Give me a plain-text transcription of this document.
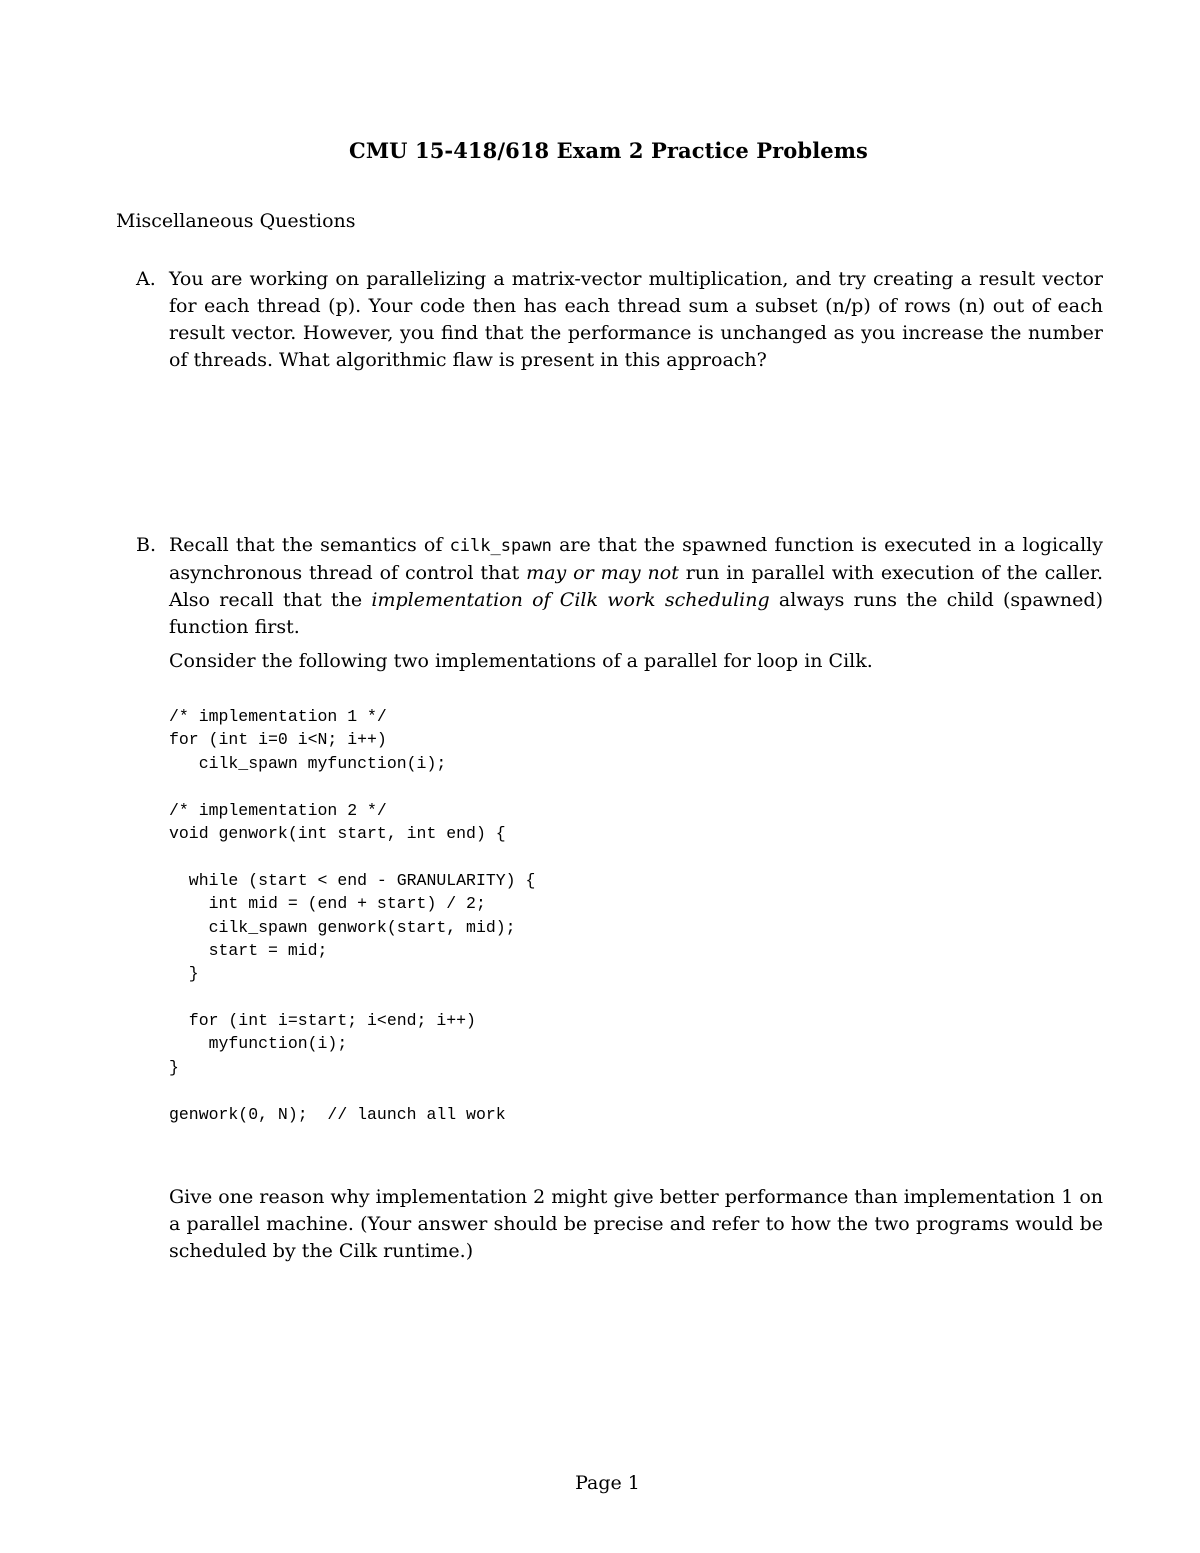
CMU 15-418/618 Exam 2 Practice Problems
Miscellaneous Questions
A. You are working on parallelizing a matrix-vector multiplication, and try creating a result vector for each thread (p). Your code then has each thread sum a subset (n/p) of rows (n) out of each result vector. However, you find that the performance is unchanged as you increase the number of threads. What algorithmic flaw is present in this approach?
B. Recall that the semantics of cilk_spawn are that the spawned function is executed in a logically asynchronous thread of control that may or may not run in parallel with execution of the caller. Also recall that the implementation of Cilk work scheduling always runs the child (spawned) function first.
Consider the following two implementations of a parallel for loop in Cilk.
/* implementation 1 */
for (int i=0 i<N; i++)
cilk_spawn myfunction(i);
/* implementation 2 */
void genwork(int start, int end) {
while (start < end - GRANULARITY) {
int mid = (end + start) / 2;
cilk_spawn genwork(start, mid);
start = mid;
}
for (int i=start; i<end; i++)
myfunction(i);
}
genwork(0, N);  // launch all work
Give one reason why implementation 2 might give better performance than implementation 1 on a parallel machine. (Your answer should be precise and refer to how the two programs would be scheduled by the Cilk runtime.)
Page 1
